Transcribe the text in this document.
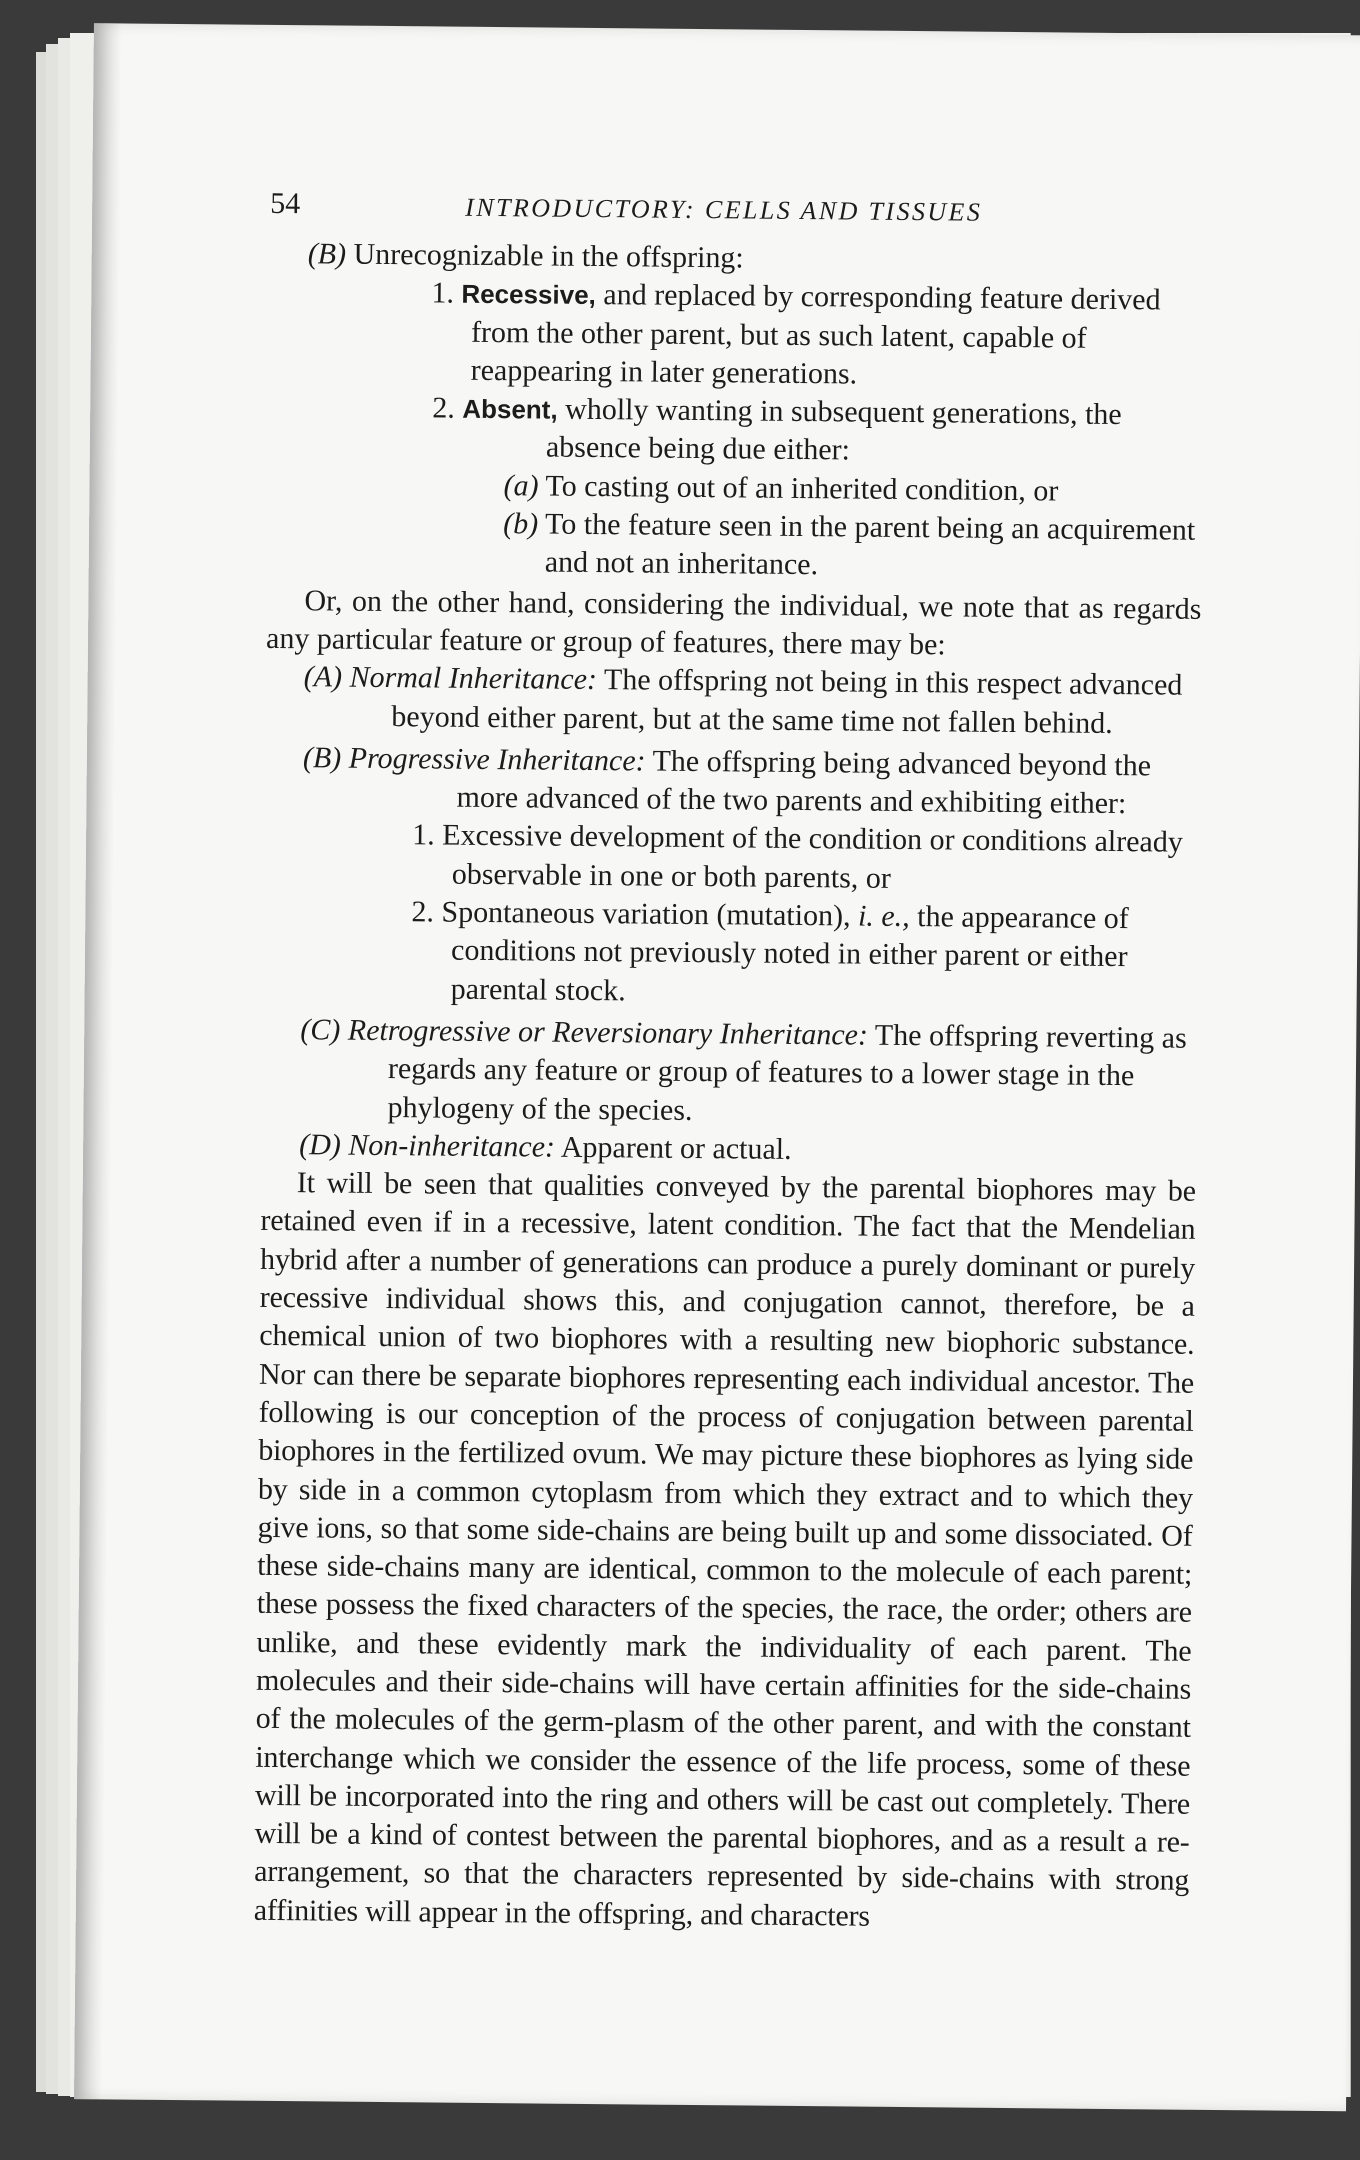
54	INTRODUCTORY: CELLS AND TISSUES

(B) Unrecognizable in the offspring:

1. Recessive, and replaced by corresponding feature derived from the other parent, but as such latent, capable of reappearing in later generations.

2. Absent, wholly wanting in subsequent generations, the absence being due either:

(a) To casting out of an inherited condition, or

(b) To the feature seen in the parent being an acquirement and not an inheritance.

Or, on the other hand, considering the individual, we note that as regards any particular feature or group of features, there may be:

(A) Normal Inheritance: The offspring not being in this respect advanced beyond either parent, but at the same time not fallen behind.

(B) Progressive Inheritance: The offspring being advanced beyond the more advanced of the two parents and exhibiting either:

1. Excessive development of the condition or conditions already observable in one or both parents, or

2. Spontaneous variation (mutation), i. e., the appearance of conditions not previously noted in either parent or either parental stock.

(C) Retrogressive or Reversionary Inheritance: The offspring reverting as regards any feature or group of features to a lower stage in the phylogeny of the species.

(D) Non-inheritance: Apparent or actual.

It will be seen that qualities conveyed by the parental biophores may be retained even if in a recessive, latent condition. The fact that the Mendelian hybrid after a number of generations can produce a purely dominant or purely recessive individual shows this, and conjugation cannot, therefore, be a chemical union of two biophores with a resulting new biophoric substance. Nor can there be separate biophores representing each individual ancestor. The following is our conception of the process of conjugation between parental biophores in the fertilized ovum. We may picture these biophores as lying side by side in a common cytoplasm from which they extract and to which they give ions, so that some side-chains are being built up and some dissociated. Of these side-chains many are identical, common to the molecule of each parent; these possess the fixed characters of the species, the race, the order; others are unlike, and these evidently mark the individuality of each parent. The molecules and their side-chains will have certain affinities for the side-chains of the molecules of the germ-plasm of the other parent, and with the constant interchange which we consider the essence of the life process, some of these will be incorporated into the ring and others will be cast out completely. There will be a kind of contest between the parental biophores, and as a result a re-arrangement, so that the characters represented by side-chains with strong affinities will appear in the offspring, and characters
